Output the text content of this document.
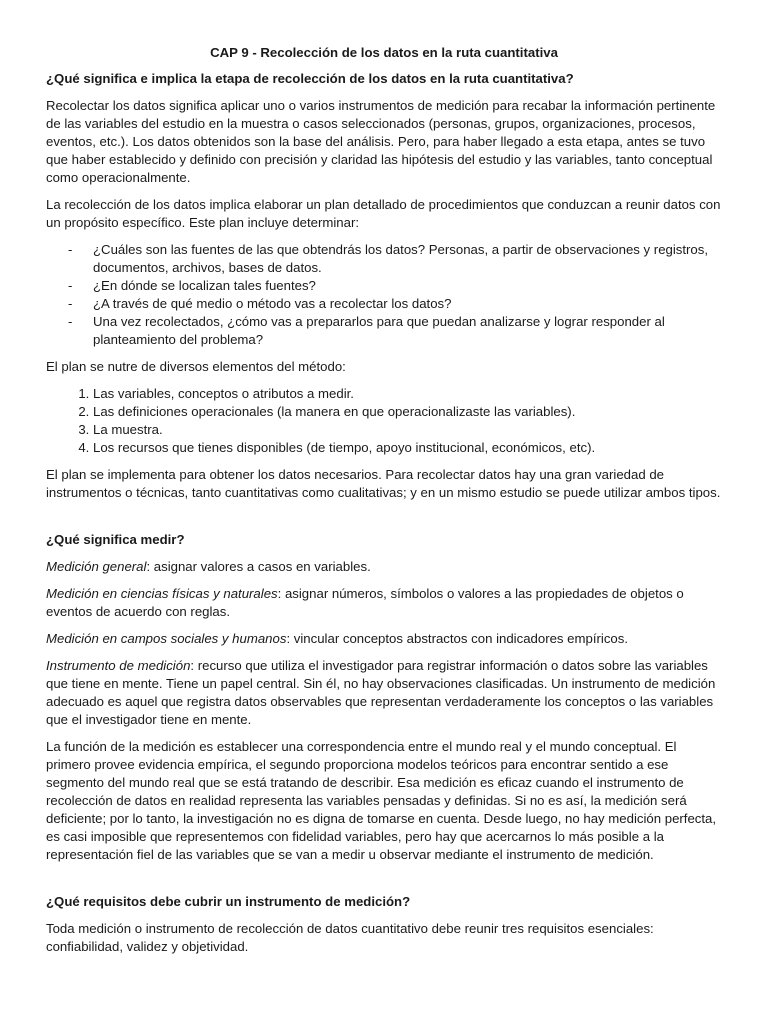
CAP 9 - Recolección de los datos en la ruta cuantitativa
¿Qué significa e implica la etapa de recolección de los datos en la ruta cuantitativa?

Recolectar los datos significa aplicar uno o varios instrumentos de medición para recabar la información pertinente de las variables del estudio en la muestra o casos seleccionados (personas, grupos, organizaciones, procesos, eventos, etc.). Los datos obtenidos son la base del análisis. Pero, para haber llegado a esta etapa, antes se tuvo que haber establecido y definido con precisión y claridad las hipótesis del estudio y las variables, tanto conceptual como operacionalmente.

La recolección de los datos implica elaborar un plan detallado de procedimientos que conduzcan a reunir datos con un propósito específico. Este plan incluye determinar:

- ¿Cuáles son las fuentes de las que obtendrás los datos? Personas, a partir de observaciones y registros, documentos, archivos, bases de datos.
- ¿En dónde se localizan tales fuentes?
- ¿A través de qué medio o método vas a recolectar los datos?
- Una vez recolectados, ¿cómo vas a prepararlos para que puedan analizarse y lograr responder al planteamiento del problema?

El plan se nutre de diversos elementos del método:

1. Las variables, conceptos o atributos a medir.
2. Las definiciones operacionales (la manera en que operacionalizaste las variables).
3. La muestra.
4. Los recursos que tienes disponibles (de tiempo, apoyo institucional, económicos, etc).

El plan se implementa para obtener los datos necesarios. Para recolectar datos hay una gran variedad de instrumentos o técnicas, tanto cuantitativas como cualitativas; y en un mismo estudio se puede utilizar ambos tipos.

¿Qué significa medir?

Medición general: asignar valores a casos en variables.

Medición en ciencias físicas y naturales: asignar números, símbolos o valores a las propiedades de objetos o eventos de acuerdo con reglas.

Medición en campos sociales y humanos: vincular conceptos abstractos con indicadores empíricos.

Instrumento de medición: recurso que utiliza el investigador para registrar información o datos sobre las variables que tiene en mente. Tiene un papel central. Sin él, no hay observaciones clasificadas. Un instrumento de medición adecuado es aquel que registra datos observables que representan verdaderamente los conceptos o las variables que el investigador tiene en mente.

La función de la medición es establecer una correspondencia entre el mundo real y el mundo conceptual. El primero provee evidencia empírica, el segundo proporciona modelos teóricos para encontrar sentido a ese segmento del mundo real que se está tratando de describir. Esa medición es eficaz cuando el instrumento de recolección de datos en realidad representa las variables pensadas y definidas. Si no es así, la medición será deficiente; por lo tanto, la investigación no es digna de tomarse en cuenta. Desde luego, no hay medición perfecta, es casi imposible que representemos con fidelidad variables, pero hay que acercarnos lo más posible a la representación fiel de las variables que se van a medir u observar mediante el instrumento de medición.

¿Qué requisitos debe cubrir un instrumento de medición?

Toda medición o instrumento de recolección de datos cuantitativo debe reunir tres requisitos esenciales: confiabilidad, validez y objetividad.
